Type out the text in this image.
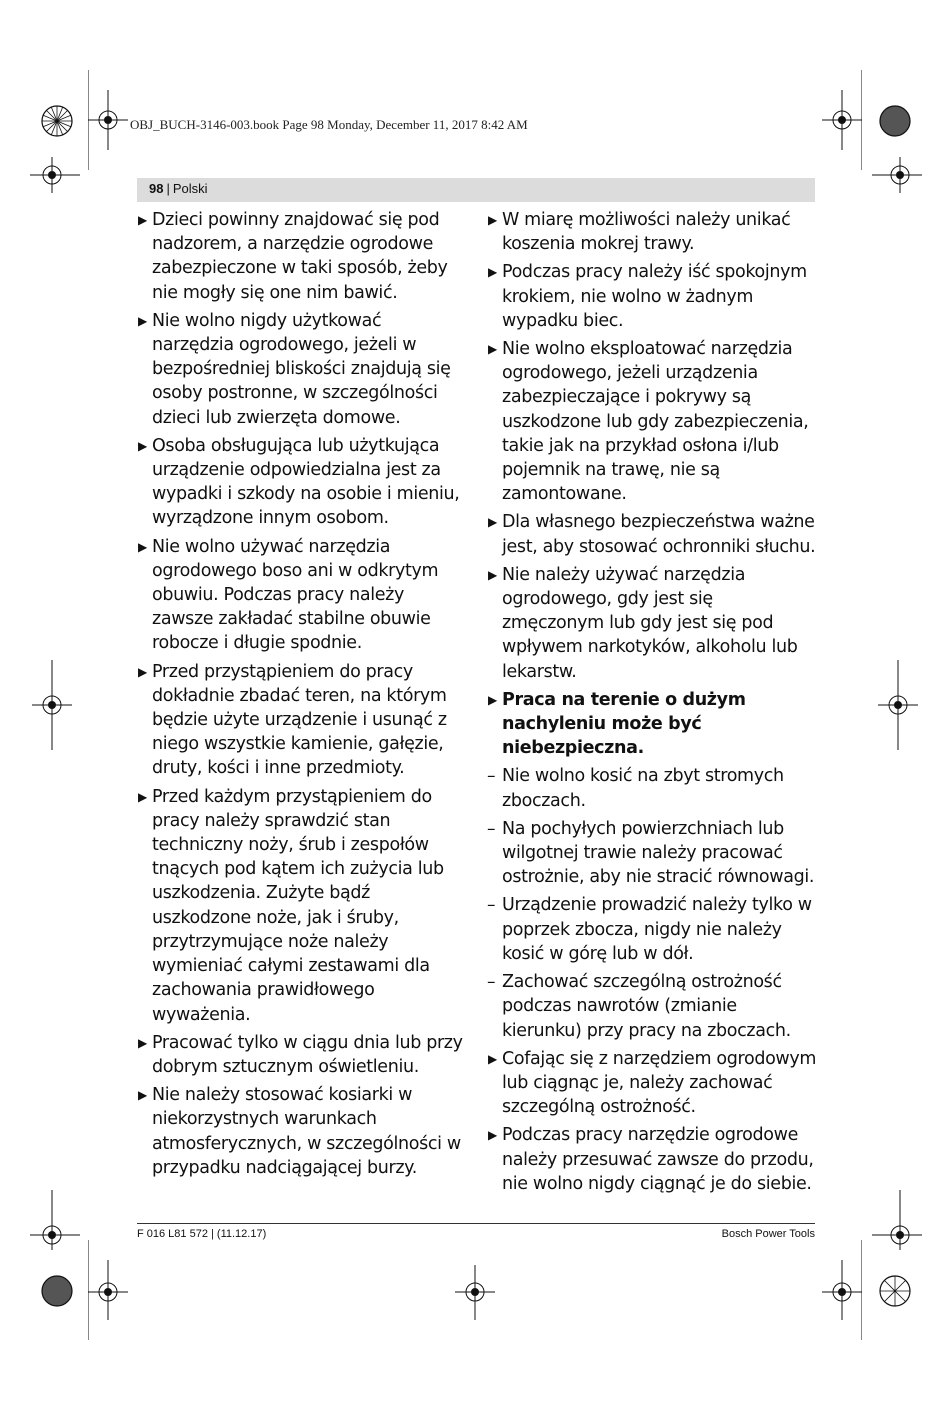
OBJ_BUCH-3146-003.book Page 98 Monday, December 11, 2017 8:42 AM
98 | Polski
▶ Dzieci powinny znajdować się pod nadzorem, a narzędzie ogrodowe zabezpieczone w taki sposób, żeby nie mogły się one nim bawić.
▶ Nie wolno nigdy użytkować narzędzia ogrodowego, jeżeli w bezpośredniej bliskości znajdują się osoby postronne, w szczególności dzieci lub zwierzęta domowe.
▶ Osoba obsługująca lub użytkująca urządzenie odpowiedzialna jest za wypadki i szkody na osobie i mieniu, wyrządzone innym osobom.
▶ Nie wolno używać narzędzia ogrodowego boso ani w odkrytym obuwiu. Podczas pracy należy zawsze zakładać stabilne obuwie robocze i długie spodnie.
▶ Przed przystąpieniem do pracy dokładnie zbadać teren, na którym będzie użyte urządzenie i usunąć z niego wszystkie kamienie, gałęzie, druty, kości i inne przedmioty.
▶ Przed każdym przystąpieniem do pracy należy sprawdzić stan techniczny noży, śrub i zespołów tnących pod kątem ich zużycia lub uszkodzenia. Zużyte bądź uszkodzone noże, jak i śruby, przytrzymujące noże należy wymieniać całymi zestawami dla zachowania prawidłowego wyważenia.
▶ Pracować tylko w ciągu dnia lub przy dobrym sztucznym oświetleniu.
▶ Nie należy stosować kosiarki w niekorzystnych warunkach atmosferycznych, w szczególności w przypadku nadciągającej burzy.
▶ W miarę możliwości należy unikać koszenia mokrej trawy.
▶ Podczas pracy należy iść spokojnym krokiem, nie wolno w żadnym wypadku biec.
▶ Nie wolno eksploatować narzędzia ogrodowego, jeżeli urządzenia zabezpieczające i pokrywy są uszkodzone lub gdy zabezpieczenia, takie jak na przykład osłona i/lub pojemnik na trawę, nie są zamontowane.
▶ Dla własnego bezpieczeństwa ważne jest, aby stosować ochronniki słuchu.
▶ Nie należy używać narzędzia ogrodowego, gdy jest się zmęczonym lub gdy jest się pod wpływem narkotyków, alkoholu lub lekarstw.
▶ Praca na terenie o dużym nachyleniu może być niebezpieczna.
– Nie wolno kosić na zbyt stromych zboczach.
– Na pochyłych powierzchniach lub wilgotnej trawie należy pracować ostrożnie, aby nie stracić równowagi.
– Urządzenie prowadzić należy tylko w poprzek zbocza, nigdy nie należy kosić w górę lub w dół.
– Zachować szczególną ostrożność podczas nawrotów (zmianie kierunku) przy pracy na zboczach.
▶ Cofając się z narzędziem ogrodowym lub ciągnąc je, należy zachować szczególną ostrożność.
▶ Podczas pracy narzędzie ogrodowe należy przesuwać zawsze do przodu, nie wolno nigdy ciągnąć je do siebie.
F 016 L81 572 | (11.12.17)	Bosch Power Tools
